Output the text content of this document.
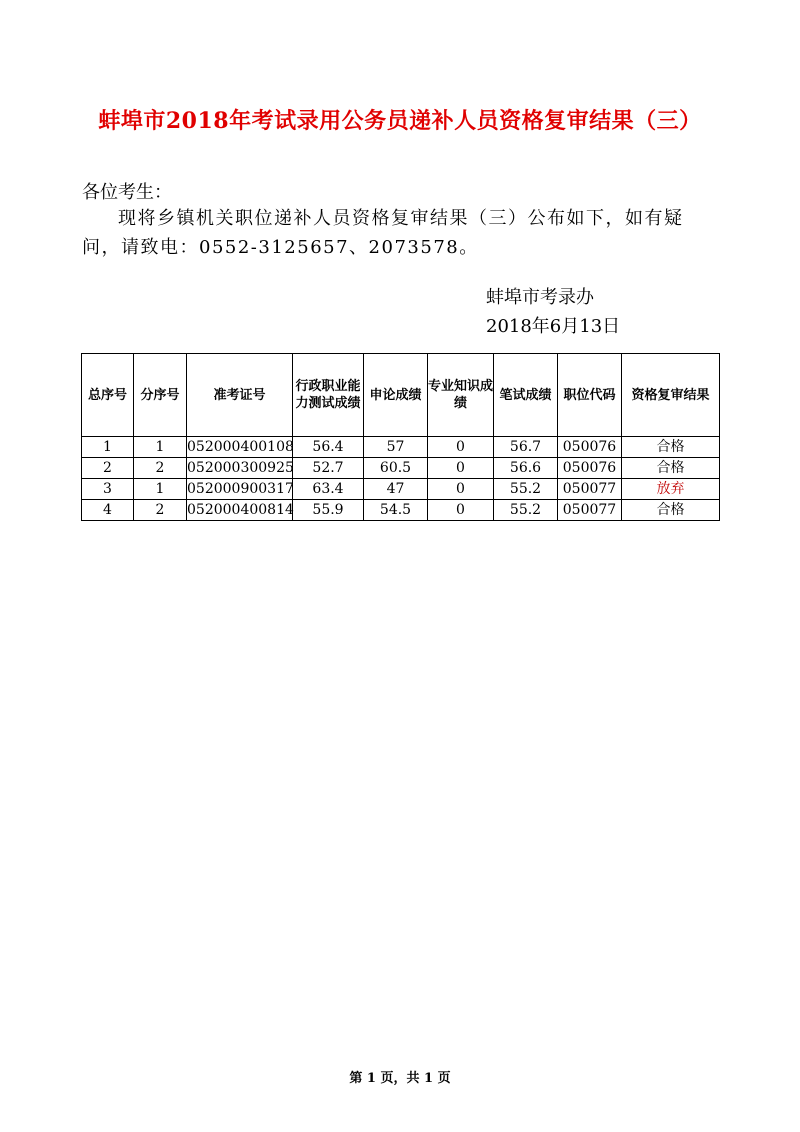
蚌埠市2018年考试录用公务员递补人员资格复审结果（三）
各位考生：
现将乡镇机关职位递补人员资格复审结果（三）公布如下，如有疑问，请致电：0552-3125657、2073578。
蚌埠市考录办
2018年6月13日
总序号	分序号	准考证号	行政职业能力测试成绩	申论成绩	专业知识成绩	笔试成绩	职位代码	资格复审结果
1	1	052000400108	56.4	57	0	56.7	050076	合格
2	2	052000300925	52.7	60.5	0	56.6	050076	合格
3	1	052000900317	63.4	47	0	55.2	050077	放弃
4	2	052000400814	55.9	54.5	0	55.2	050077	合格
第 1 页，共 1 页
